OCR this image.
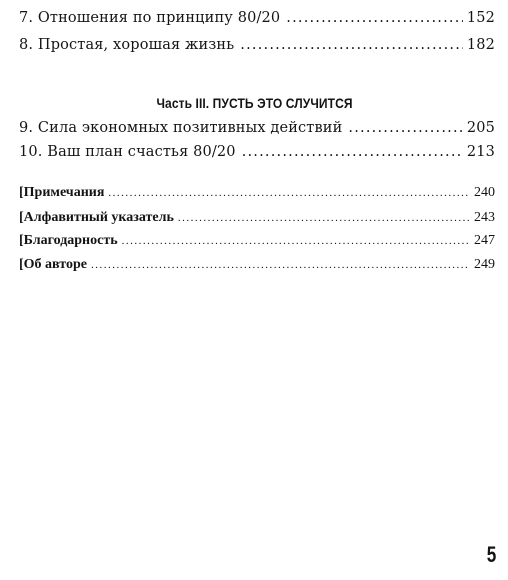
7. Отношения по принципу 80/20 .....	152
8. Простая, хорошая жизнь .....	182
Часть III. ПУСТЬ ЭТО СЛУЧИТСЯ
9. Сила экономных позитивных действий .....	205
10. Ваш план счастья 80/20 .....	213
[Примечания .....	240
[Алфавитный указатель .....	243
[Благодарность .....	247
[Об авторе .....	249
5
